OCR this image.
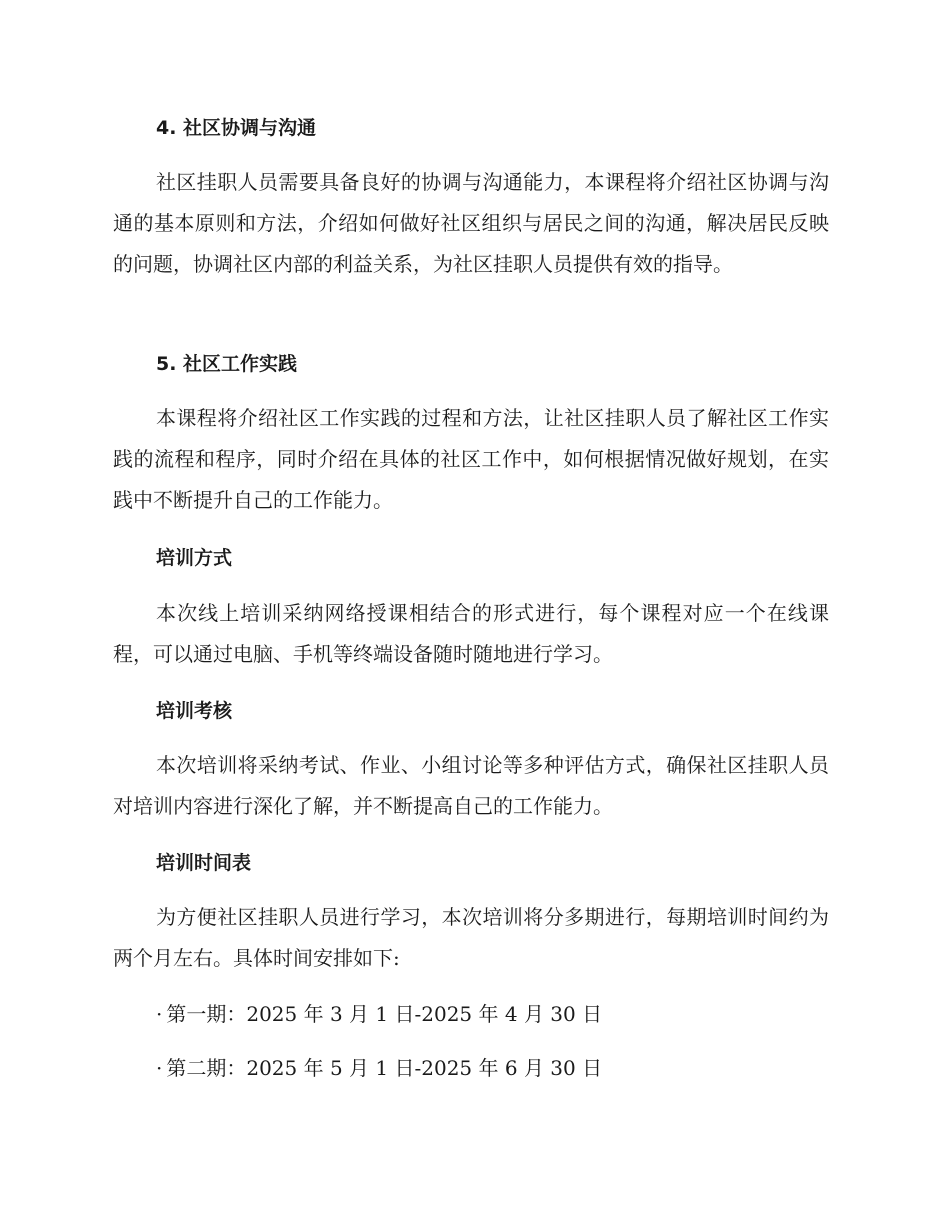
4. 社区协调与沟通

社区挂职人员需要具备良好的协调与沟通能力，本课程将介绍社区协调与沟通的基本原则和方法，介绍如何做好社区组织与居民之间的沟通，解决居民反映的问题，协调社区内部的利益关系，为社区挂职人员提供有效的指导。

5. 社区工作实践

本课程将介绍社区工作实践的过程和方法，让社区挂职人员了解社区工作实践的流程和程序，同时介绍在具体的社区工作中，如何根据情况做好规划，在实践中不断提升自己的工作能力。

培训方式

本次线上培训采纳网络授课相结合的形式进行，每个课程对应一个在线课程，可以通过电脑、手机等终端设备随时随地进行学习。

培训考核

本次培训将采纳考试、作业、小组讨论等多种评估方式，确保社区挂职人员对培训内容进行深化了解，并不断提高自己的工作能力。

培训时间表

为方便社区挂职人员进行学习，本次培训将分多期进行，每期培训时间约为两个月左右。具体时间安排如下:

· 第一期：2025 年 3 月 1 日-2025 年 4 月 30 日
· 第二期：2025 年 5 月 1 日-2025 年 6 月 30 日
